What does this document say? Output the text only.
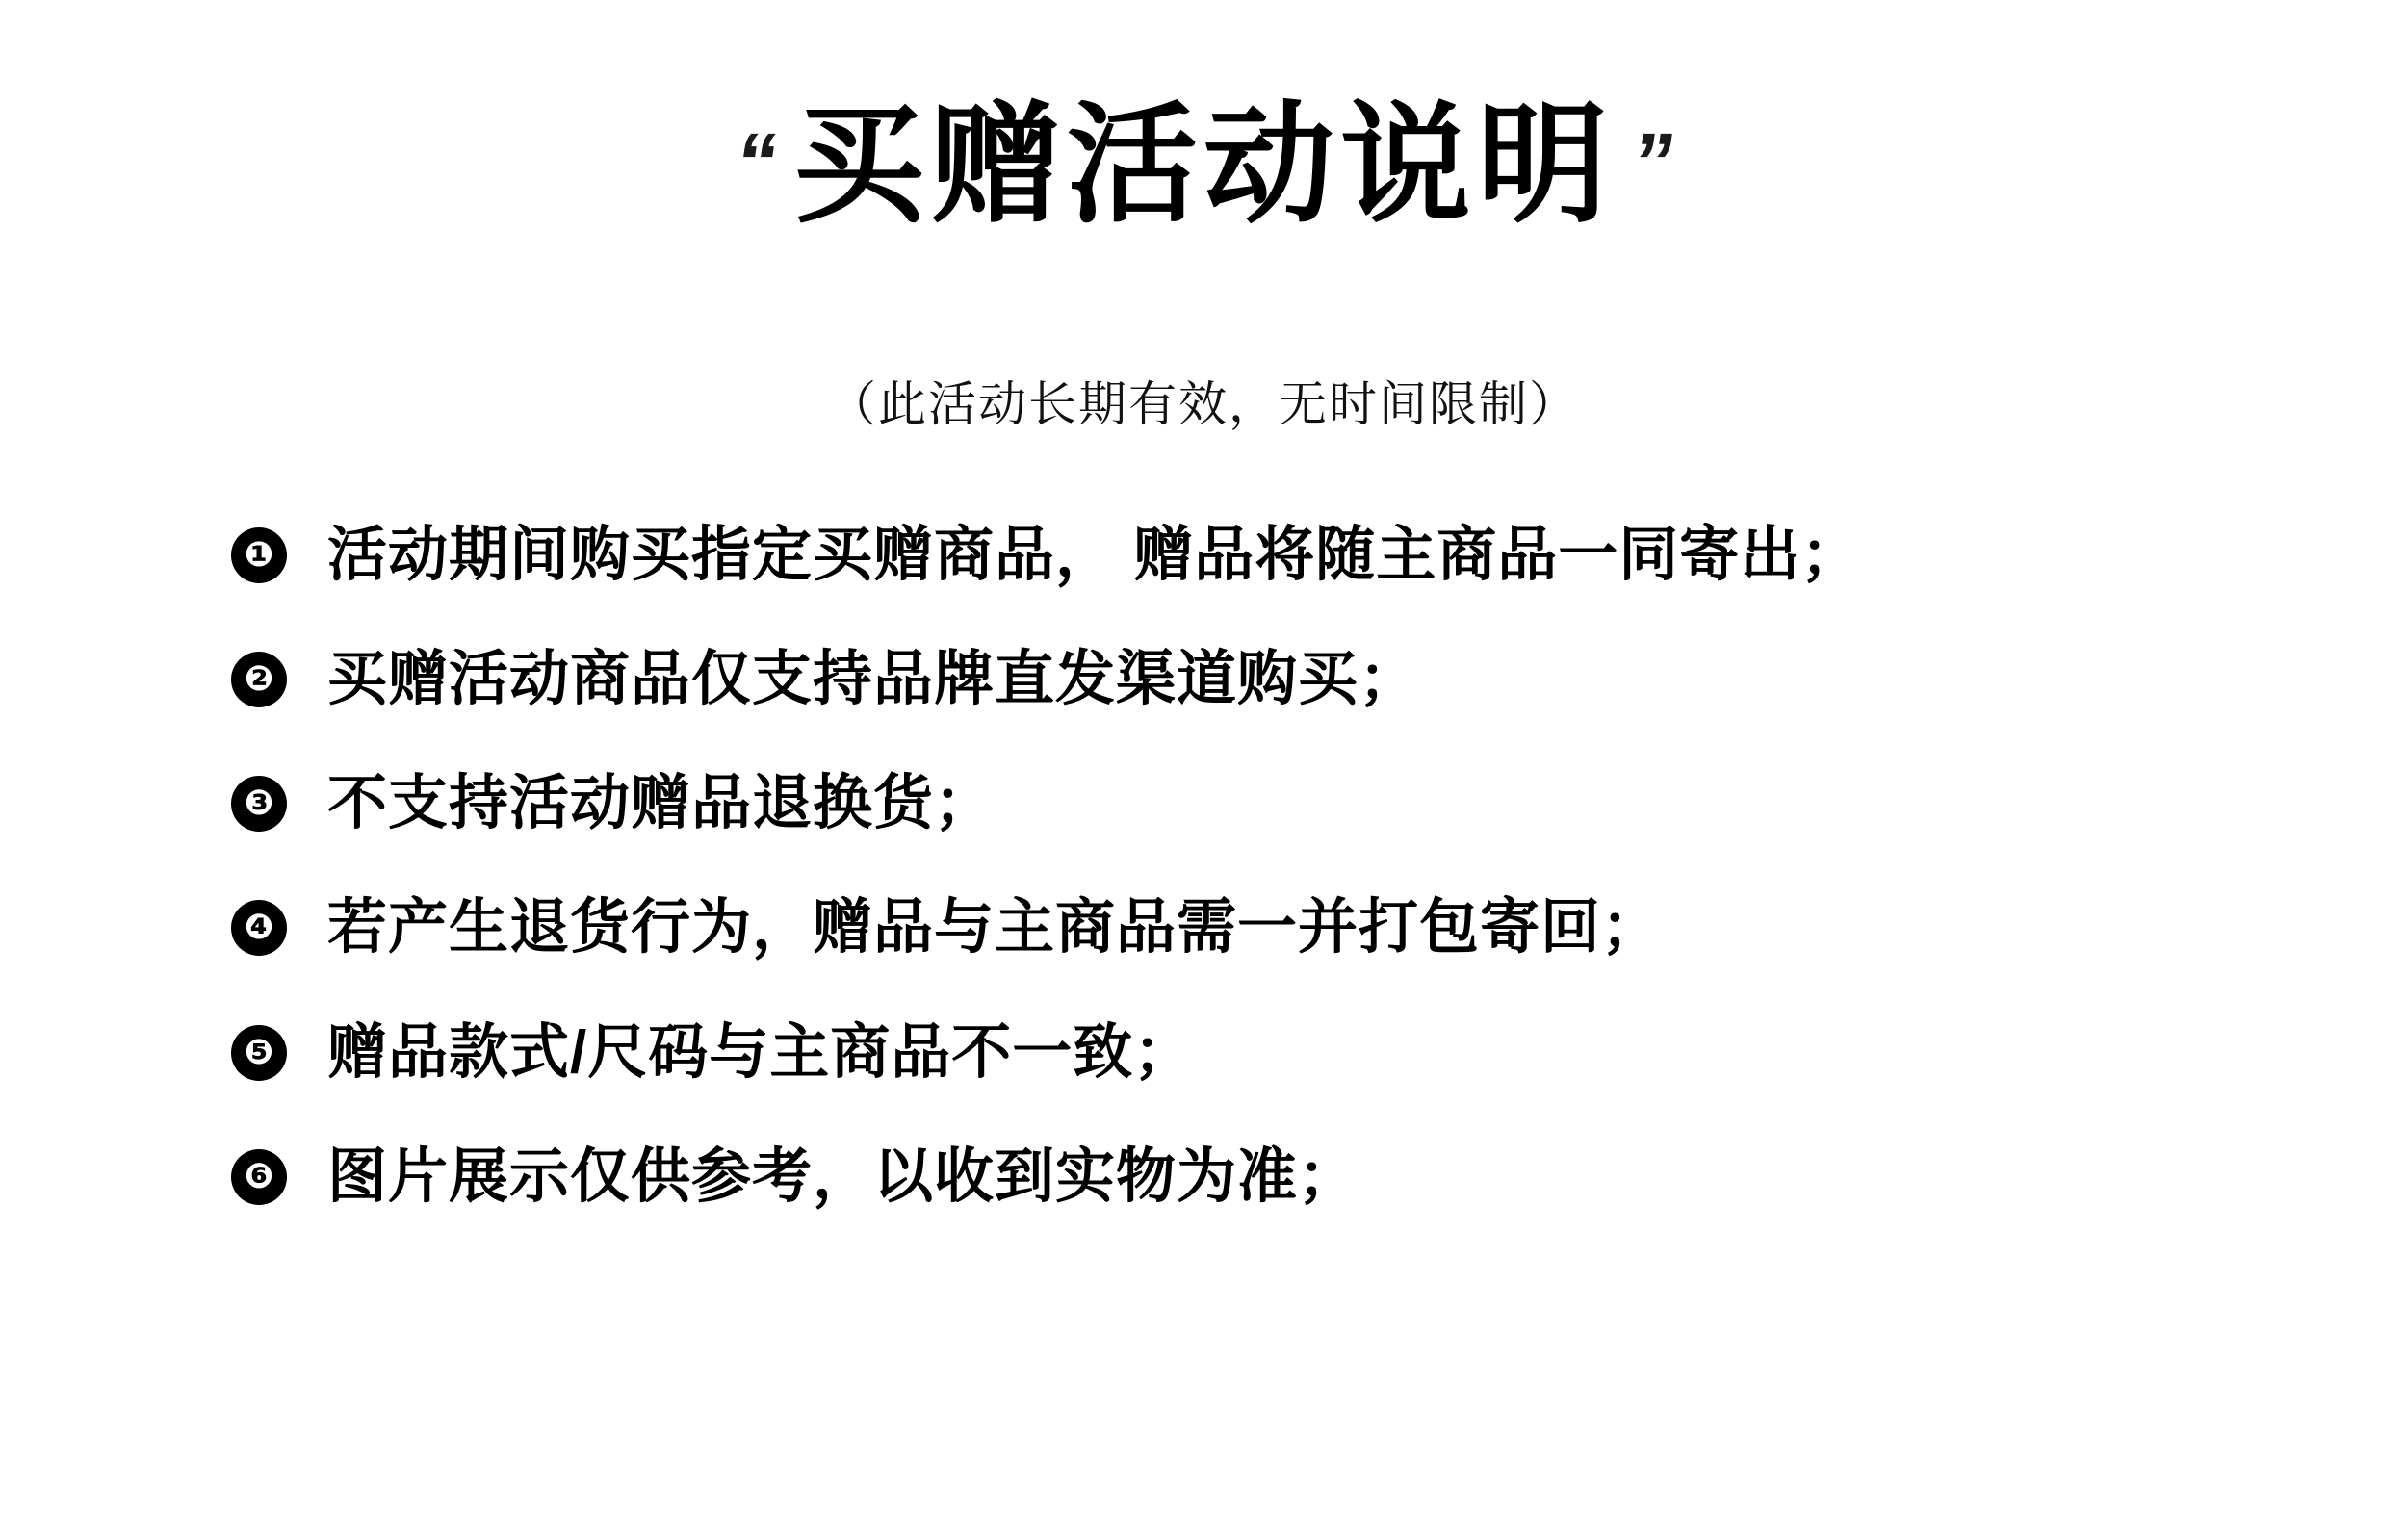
“ 买赠活动说明 ”
（此活动长期有效，无时间限制）
❶ 活动期间购买指定买赠商品， 赠品将随主商品一同寄出；
❷ 买赠活动商品仅支持品牌直发渠道购买；
❸ 不支持活动赠品退换货；
❹ 若产生退货行为，赠品与主商品需一并打包寄回；
❺ 赠品款式/尺码与主商品不一致；
❻ 图片展示仅供参考，以收到实物为准；
